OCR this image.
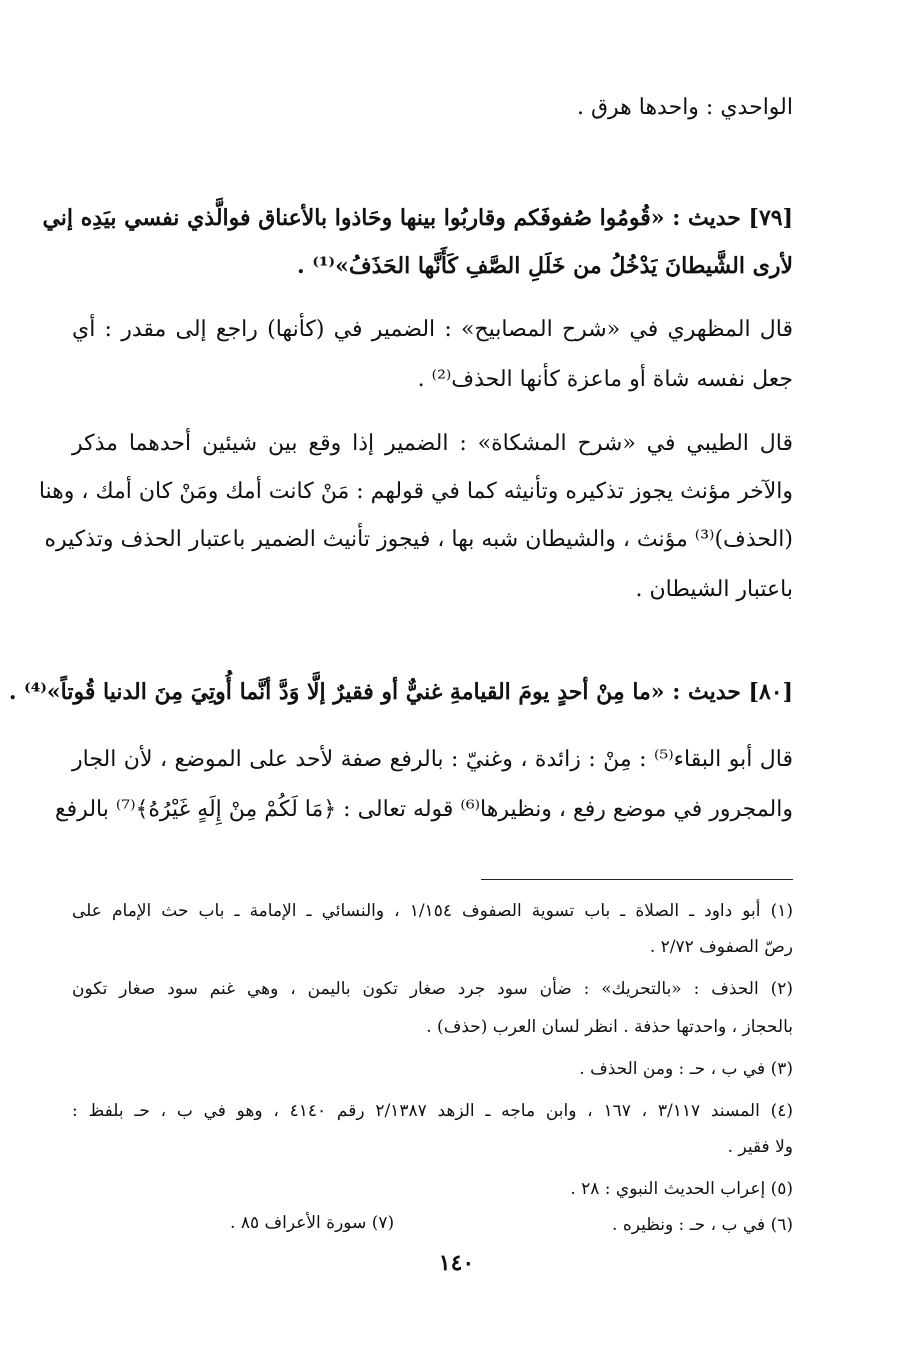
الواحدي : واحدها هرق .
[٧٩] حديث : «قُومُوا صُفوفَكم وقاربُوا بينها وحَاذوا بالأعناق فوالَّذي نفسي بيَدِه إني
لأرى الشَّيطانَ يَدْخُلُ من خَلَلِ الصَّفِ كَأَنَّها الحَذَفُ»⁽¹⁾ .
قال المظهري في «شرح المصابيح» : الضمير في (كأنها) راجع إلى مقدر : أي
جعل نفسه شاة أو ماعزة كأنها الحذف⁽²⁾ .
قال الطيبي في «شرح المشكاة» : الضمير إذا وقع بين شيئين أحدهما مذكر
والآخر مؤنث يجوز تذكيره وتأنيثه كما في قولهم : مَنْ كانت أمك ومَنْ كان أمك ، وهنا
(الحذف)⁽³⁾ مؤنث ، والشيطان شبه بها ، فيجوز تأنيث الضمير باعتبار الحذف وتذكيره
باعتبار الشيطان .
[٨٠] حديث : «ما مِنْ أحدٍ يومَ القيامةِ غنيٌّ أو فقيرٌ إلَّا وَدَّ أنَّما أُوتِيَ مِنَ الدنيا قُوتاً»⁽⁴⁾ .
قال أبو البقاء⁽⁵⁾ : مِنْ : زائدة ، وغنيّ : بالرفع صفة لأحد على الموضع ، لأن الجار
والمجرور في موضع رفع ، ونظيرها⁽⁶⁾ قوله تعالى : ﴿مَا لَكُمْ مِنْ إِلَهٍ غَيْرُهُ﴾⁽⁷⁾ بالرفع
(١) أبو داود ـ الصلاة ـ باب تسوية الصفوف ١/١٥٤ ، والنسائي ـ الإمامة ـ باب حث الإمام على
رصّ الصفوف ٢/٧٢ .
(٢) الحذف : «بالتحريك» : ضأن سود جرد صغار تكون باليمن ، وهي غنم سود صغار تكون
بالحجاز ، واحدتها حذفة . انظر لسان العرب (حذف) .
(٣) في ب ، حـ : ومن الحذف .
(٤) المسند ٣/١١٧ ، ١٦٧ ، وابن ماجه ـ الزهد ٢/١٣٨٧ رقم ٤١٤٠ ، وهو في ب ، حـ بلفظ :
ولا فقير .
(٥) إعراب الحديث النبوي : ٢٨ .
(٦) في ب ، حـ : ونظيره .
(٧) سورة الأعراف ٨٥ .
١٤٠
